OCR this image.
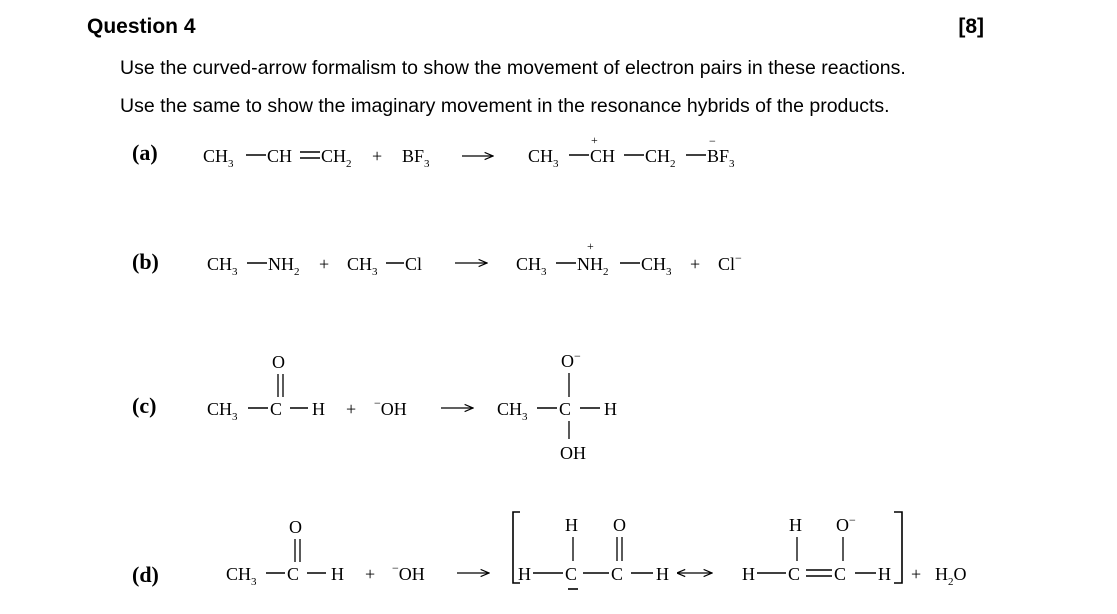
Question 4	[8]
Use the curved-arrow formalism to show the movement of electron pairs in these reactions.
Use the same to show the imaginary movement in the resonance hybrids of the products.
(a)
(b)
(c)
(d)
$CH_3$ CH $CH_2 + BF_3$	$CH_3$ CH
+
$CH_2$ $BF_3$
−
$CH_3$ $NH_2 + CH_3$ Cl	$CH_3$ $NH_2$
+
$CH_3 + Cl^-$
$CH_3$ C
O
H + −OH	$CH_3$ C
O−
OH
H
$CH_3$ C
O
H + −OH	H C
H
C
O
H	H C
H
C
O−
$H + H_2O$
